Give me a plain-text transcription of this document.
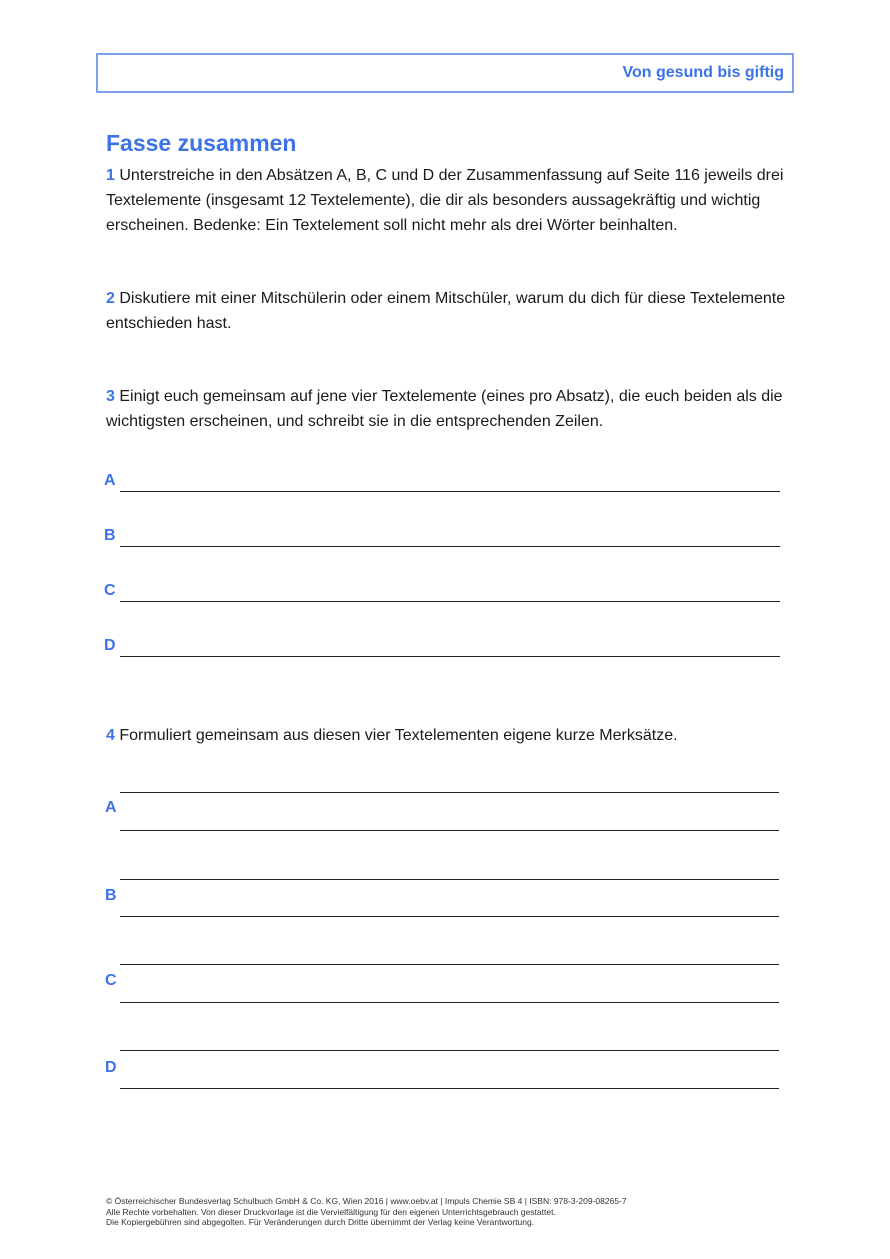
Von gesund bis giftig
Fasse zusammen

1 Unterstreiche in den Absätzen A, B, C und D der Zusammenfassung auf Seite 116 jeweils drei Textelemente (insgesamt 12 Textelemente), die dir als besonders aussagekräftig und wichtig erscheinen. Bedenke: Ein Textelement soll nicht mehr als drei Wörter beinhalten.

2 Diskutiere mit einer Mitschülerin oder einem Mitschüler, warum du dich für diese Textelemente entschieden hast.

3 Einigt euch gemeinsam auf jene vier Textelemente (eines pro Absatz), die euch beiden als die wichtigsten erscheinen, und schreibt sie in die entsprechenden Zeilen.

A
B
C
D

4 Formuliert gemeinsam aus diesen vier Textelementen eigene kurze Merksätze.

A
B
C
D
© Österreichischer Bundesverlag Schulbuch GmbH & Co. KG, Wien 2016 | www.oebv.at | Impuls Chemie SB 4 | ISBN: 978-3-209-08265-7
Alle Rechte vorbehalten. Von dieser Druckvorlage ist die Vervielfältigung für den eigenen Unterrichtsgebrauch gestattet.
Die Kopiergebühren sind abgegolten. Für Veränderungen durch Dritte übernimmt der Verlag keine Verantwortung.
